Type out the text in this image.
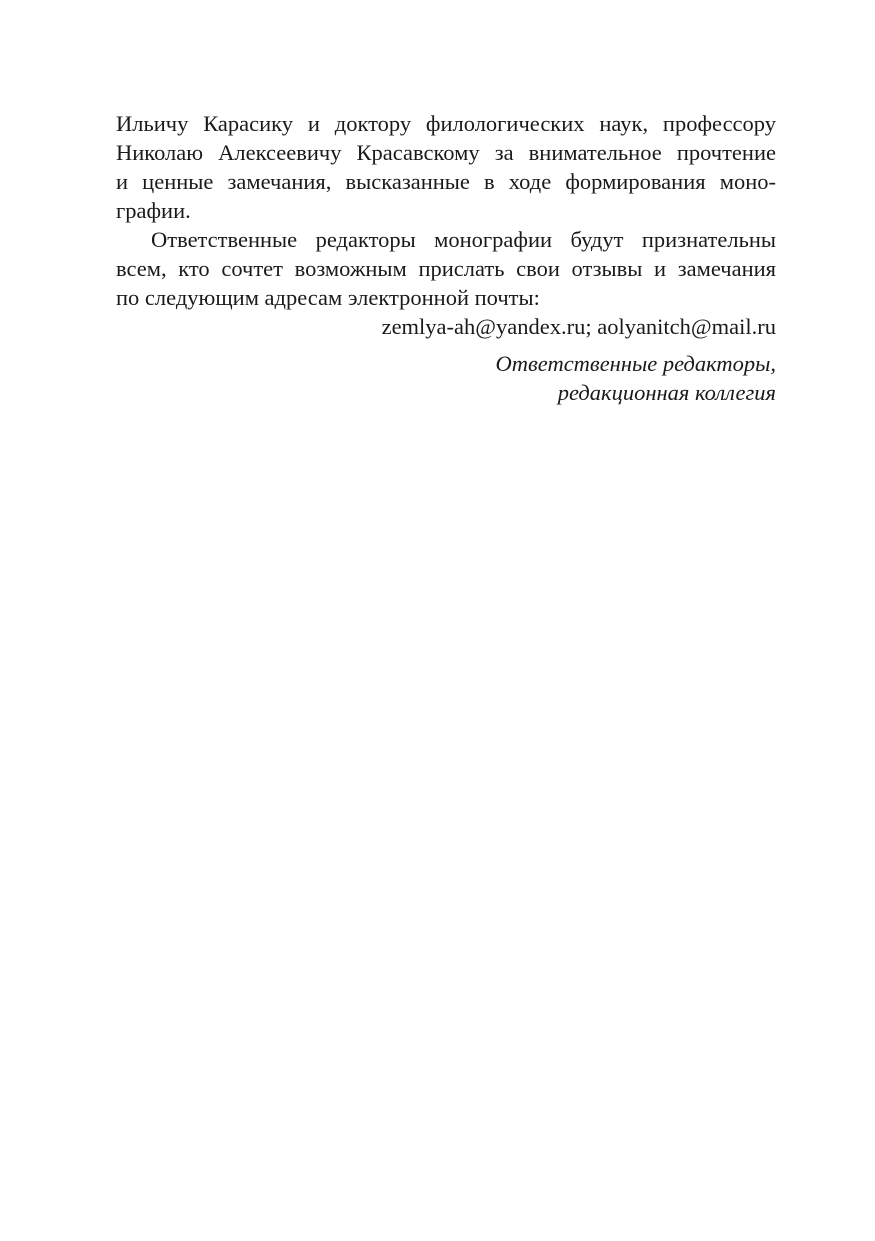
Ильичу Карасику и доктору филологических наук, профессору
Николаю Алексеевичу Красавскому за внимательное прочтение
и ценные замечания, высказанные в ходе формирования моно-
графии.

Ответственные редакторы монографии будут признательны
всем, кто сочтет возможным прислать свои отзывы и замечания
по следующим адресам электронной почты:

zemlya-ah@yandex.ru; aolyanitch@mail.ru

Ответственные редакторы,
редакционная коллегия
